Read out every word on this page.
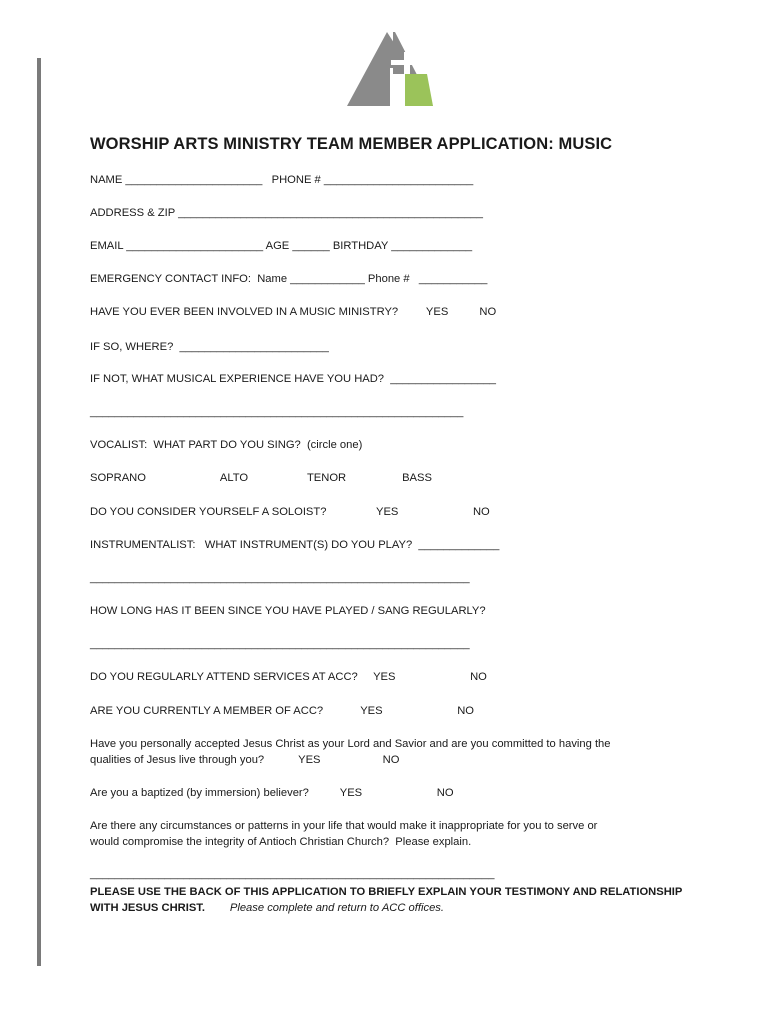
WORSHIP ARTS MINISTRY TEAM MEMBER APPLICATION: MUSIC
NAME ______________________   PHONE # ________________________
ADDRESS & ZIP _________________________________________________
EMAIL ______________________ AGE ______ BIRTHDAY _____________
EMERGENCY CONTACT INFO:  Name ____________ Phone #   ___________
HAVE YOU EVER BEEN INVOLVED IN A MUSIC MINISTRY?         YES          NO
IF SO, WHERE?  ________________________
IF NOT, WHAT MUSICAL EXPERIENCE HAVE YOU HAD?  _________________
____________________________________________________________
VOCALIST:  WHAT PART DO YOU SING?  (circle one)
SOPRANO                        ALTO                   TENOR                  BASS
DO YOU CONSIDER YOURSELF A SOLOIST?                YES                        NO
INSTRUMENTALIST:   WHAT INSTRUMENT(S) DO YOU PLAY?  _____________
_____________________________________________________________
HOW LONG HAS IT BEEN SINCE YOU HAVE PLAYED / SANG REGULARLY?
_____________________________________________________________
DO YOU REGULARLY ATTEND SERVICES AT ACC?     YES                        NO
ARE YOU CURRENTLY A MEMBER OF ACC?            YES                        NO
Have you personally accepted Jesus Christ as your Lord and Savior and are you committed to having the
qualities of Jesus live through you?           YES                    NO
Are you a baptized (by immersion) believer?          YES                        NO
Are there any circumstances or patterns in your life that would make it inappropriate for you to serve or
would compromise the integrity of Antioch Christian Church?  Please explain.
_________________________________________________________________
PLEASE USE THE BACK OF THIS APPLICATION TO BRIEFLY EXPLAIN YOUR TESTIMONY AND RELATIONSHIP
WITH JESUS CHRIST. Please complete and return to ACC offices.
